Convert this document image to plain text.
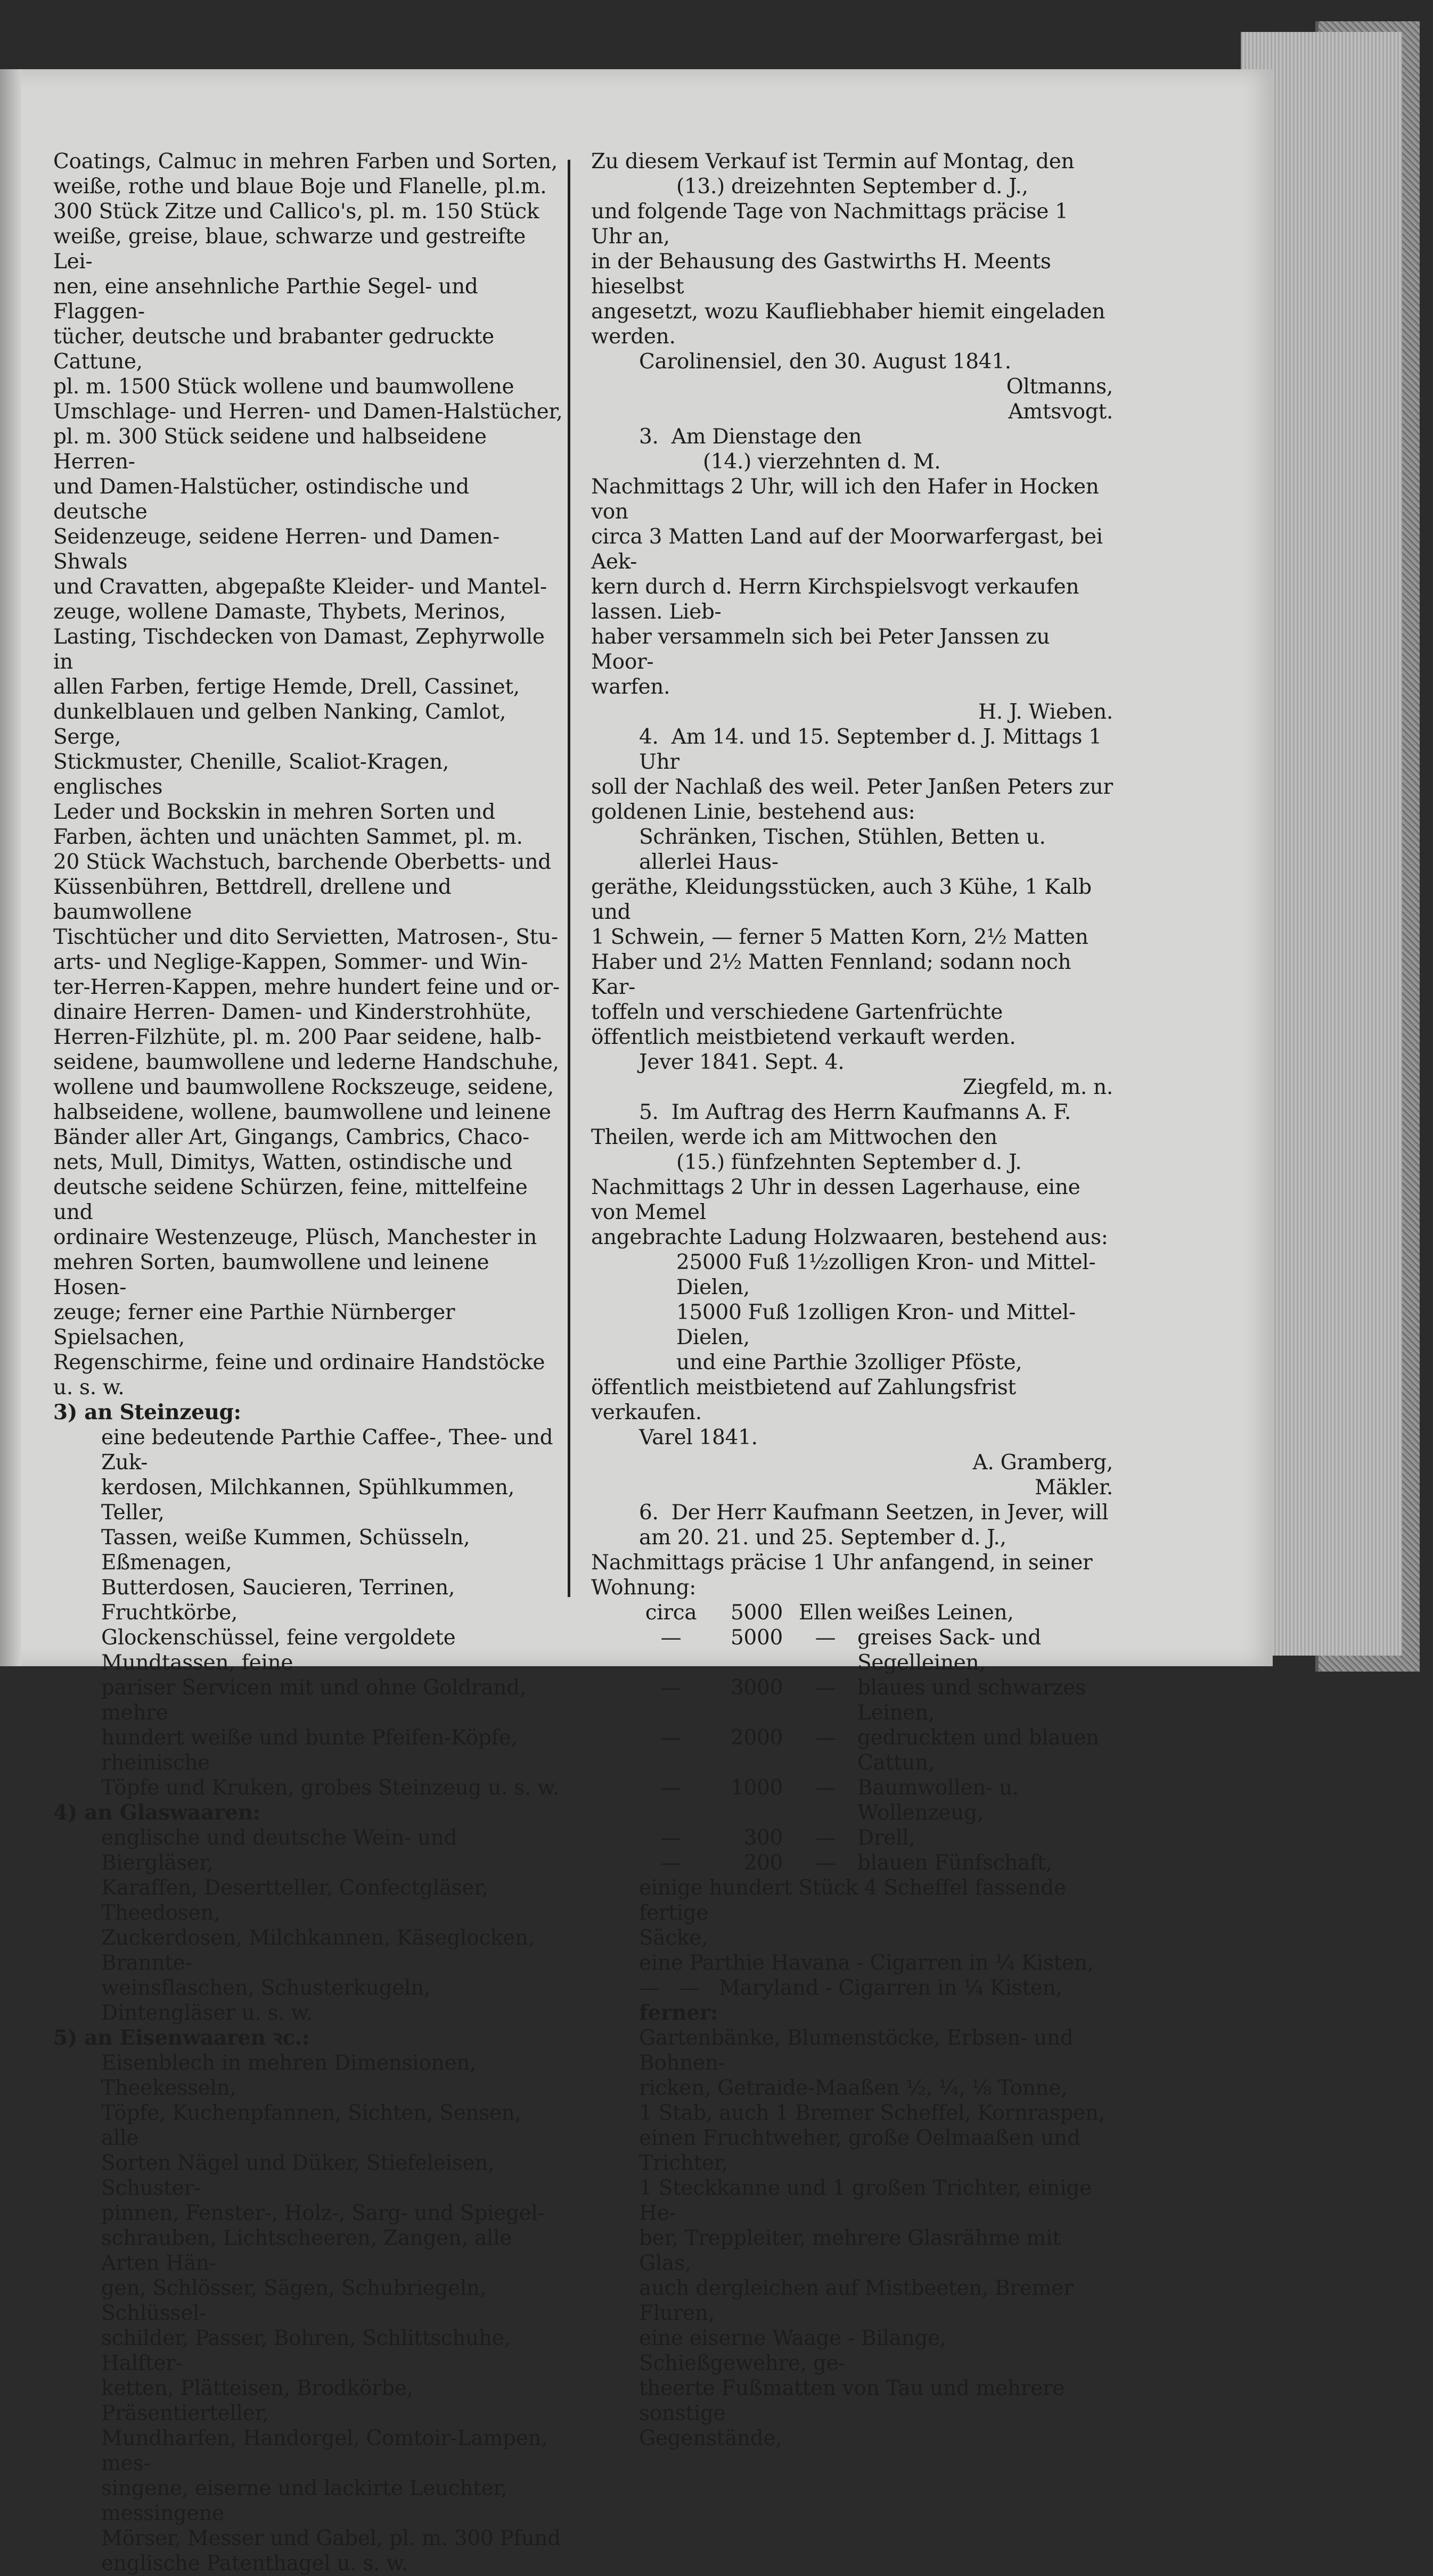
Coatings, Calmuc in mehren Farben und Sorten,

weiße, rothe und blaue Boje und Flanelle, pl.m.

300 Stück Zitze und Callico's, pl. m. 150 Stück

weiße, greise, blaue, schwarze und gestreifte Lei-

nen, eine ansehnliche Parthie Segel- und Flaggen-

tücher, deutsche und brabanter gedruckte Cattune,

pl. m. 1500 Stück wollene und baumwollene

Umschlage- und Herren- und Damen-Halstücher,

pl. m. 300 Stück seidene und halbseidene Herren-

und Damen-Halstücher, ostindische und deutsche

Seidenzeuge, seidene Herren- und Damen-Shwals

und Cravatten, abgepaßte Kleider- und Mantel-

zeuge, wollene Damaste, Thybets, Merinos,

Lasting, Tischdecken von Damast, Zephyrwolle in

allen Farben, fertige Hemde, Drell, Cassinet,

dunkelblauen und gelben Nanking, Camlot, Serge,

Stickmuster, Chenille, Scaliot-Kragen, englisches

Leder und Bockskin in mehren Sorten und

Farben, ächten und unächten Sammet, pl. m.

20 Stück Wachstuch, barchende Oberbetts- und

Küssenbühren, Bettdrell, drellene und baumwollene

Tischtücher und dito Servietten, Matrosen-, Stu-

arts- und Neglige-Kappen, Sommer- und Win-

ter-Herren-Kappen, mehre hundert feine und or-

dinaire Herren- Damen- und Kinderstrohhüte,

Herren-Filzhüte, pl. m. 200 Paar seidene, halb-

seidene, baumwollene und lederne Handschuhe,

wollene und baumwollene Rockszeuge, seidene,

halbseidene, wollene, baumwollene und leinene

Bänder aller Art, Gingangs, Cambrics, Chaco-

nets, Mull, Dimitys, Watten, ostindische und

deutsche seidene Schürzen, feine, mittelfeine und

ordinaire Westenzeuge, Plüsch, Manchester in

mehren Sorten, baumwollene und leinene Hosen-

zeuge; ferner eine Parthie Nürnberger Spielsachen,

Regenschirme, feine und ordinaire Handstöcke

u. s. w.

3) an Steinzeug:

eine bedeutende Parthie Caffee-, Thee- und Zuk-

kerdosen, Milchkannen, Spühlkummen, Teller,

Tassen, weiße Kummen, Schüsseln, Eßmenagen,

Butterdosen, Saucieren, Terrinen, Fruchtkörbe,

Glockenschüssel, feine vergoldete Mundtassen, feine

pariser Servicen mit und ohne Goldrand, mehre

hundert weiße und bunte Pfeifen-Köpfe, rheinische

Töpfe und Kruken, grobes Steinzeug u. s. w.

4) an Glaswaaren:

englische und deutsche Wein- und Biergläser,

Karaffen, Desertteller, Confectgläser, Theedosen,

Zuckerdosen, Milchkannen, Käseglocken, Brannte-

weinsflaschen, Schusterkugeln, Dintengläser u. s. w.

5) an Eisenwaaren ꝛc.:

Eisenblech in mehren Dimensionen, Theekesseln,

Töpfe, Kuchenpfannen, Sichten, Sensen, alle

Sorten Nägel und Düker, Stiefeleisen, Schuster-

pinnen, Fenster-, Holz-, Sarg- und Spiegel-

schrauben, Lichtscheeren, Zangen, alle Arten Hän-

gen, Schlösser, Sägen, Schubriegeln, Schlüssel-

schilder, Passer, Bohren, Schlittschuhe, Halfter-

ketten, Plätteisen, Brodkörbe, Präsentierteller,

Mundharfen, Handorgel, Comtoir-Lampen, mes-

singene, eiserne und lackirte Leuchter, messingene

Mörser, Messer und Gabel, pl. m. 300 Pfund

englische Patenthagel u. s. w.

Zu diesem Verkauf ist Termin auf Montag, den

(13.) dreizehnten September d. J.,

und folgende Tage von Nachmittags präcise 1 Uhr an,

in der Behausung des Gastwirths H. Meents hieselbst

angesetzt, wozu Kaufliebhaber hiemit eingeladen werden.

Carolinensiel, den 30. August 1841.

Oltmanns,

Amtsvogt.

3.  Am Dienstage den

(14.) vierzehnten d. M.

Nachmittags 2 Uhr, will ich den Hafer in Hocken von

circa 3 Matten Land auf der Moorwarfergast, bei Aek-

kern durch d. Herrn Kirchspielsvogt verkaufen lassen. Lieb-

haber versammeln sich bei Peter Janssen zu Moor-

warfen.

H. J. Wieben.

4.  Am 14. und 15. September d. J. Mittags 1 Uhr

soll der Nachlaß des weil. Peter Janßen Peters zur

goldenen Linie, bestehend aus:

Schränken, Tischen, Stühlen, Betten u. allerlei Haus-

geräthe, Kleidungsstücken, auch 3 Kühe, 1 Kalb und

1 Schwein, — ferner 5 Matten Korn, 2½ Matten

Haber und 2½ Matten Fennland; sodann noch Kar-

toffeln und verschiedene Gartenfrüchte

öffentlich meistbietend verkauft werden.

Jever 1841. Sept. 4.

Ziegfeld, m. n.

5.  Im Auftrag des Herrn Kaufmanns A. F.

Theilen, werde ich am Mittwochen den

(15.) fünfzehnten September d. J.

Nachmittags 2 Uhr in dessen Lagerhause, eine von Memel

angebrachte Ladung Holzwaaren, bestehend aus:

25000 Fuß 1½zolligen Kron- und Mittel-Dielen,

15000 Fuß 1zolligen Kron- und Mittel-Dielen,

und eine Parthie 3zolliger Pföste,

öffentlich meistbietend auf Zahlungsfrist verkaufen.

Varel 1841.

A. Gramberg,

Mäkler.

6.  Der Herr Kaufmann Seetzen, in Jever, will

am 20. 21. und 25. September d. J.,

Nachmittags präcise 1 Uhr anfangend, in seiner Wohnung:

circa	5000 Ellen weißes Leinen,
—	5000	—	greises Sack- und Segelleinen,
—	3000	—	blaues und schwarzes Leinen,
—	2000	—	gedruckten und blauen Cattun,
—	1000	—	Baumwollen- u. Wollenzeug,
—	300	—	Drell,
—	200	—	blauen Fünfschaft,

einige hundert Stück 4 Scheffel fassende fertige

Säcke,

eine Parthie Havana - Cigarren in ¼ Kisten,

—   —   Maryland - Cigarren in ¼ Kisten,

ferner:

Gartenbänke, Blumenstöcke, Erbsen- und Bohnen-

ricken, Getraide-Maaßen ½, ¼, ⅛ Tonne,

1 Stab, auch 1 Bremer Scheffel, Kornraspen,

einen Fruchtweher, große Oelmaaßen und Trichter,

1 Steckkanne und 1 großen Trichter, einige He-

ber, Treppleiter, mehrere Glasrähme mit Glas,

auch dergleichen auf Mistbeeten, Bremer Fluren,

eine eiserne Waage - Bilange, Schießgewehre, ge-

theerte Fußmatten von Tau und mehrere sonstige

Gegenstände,
